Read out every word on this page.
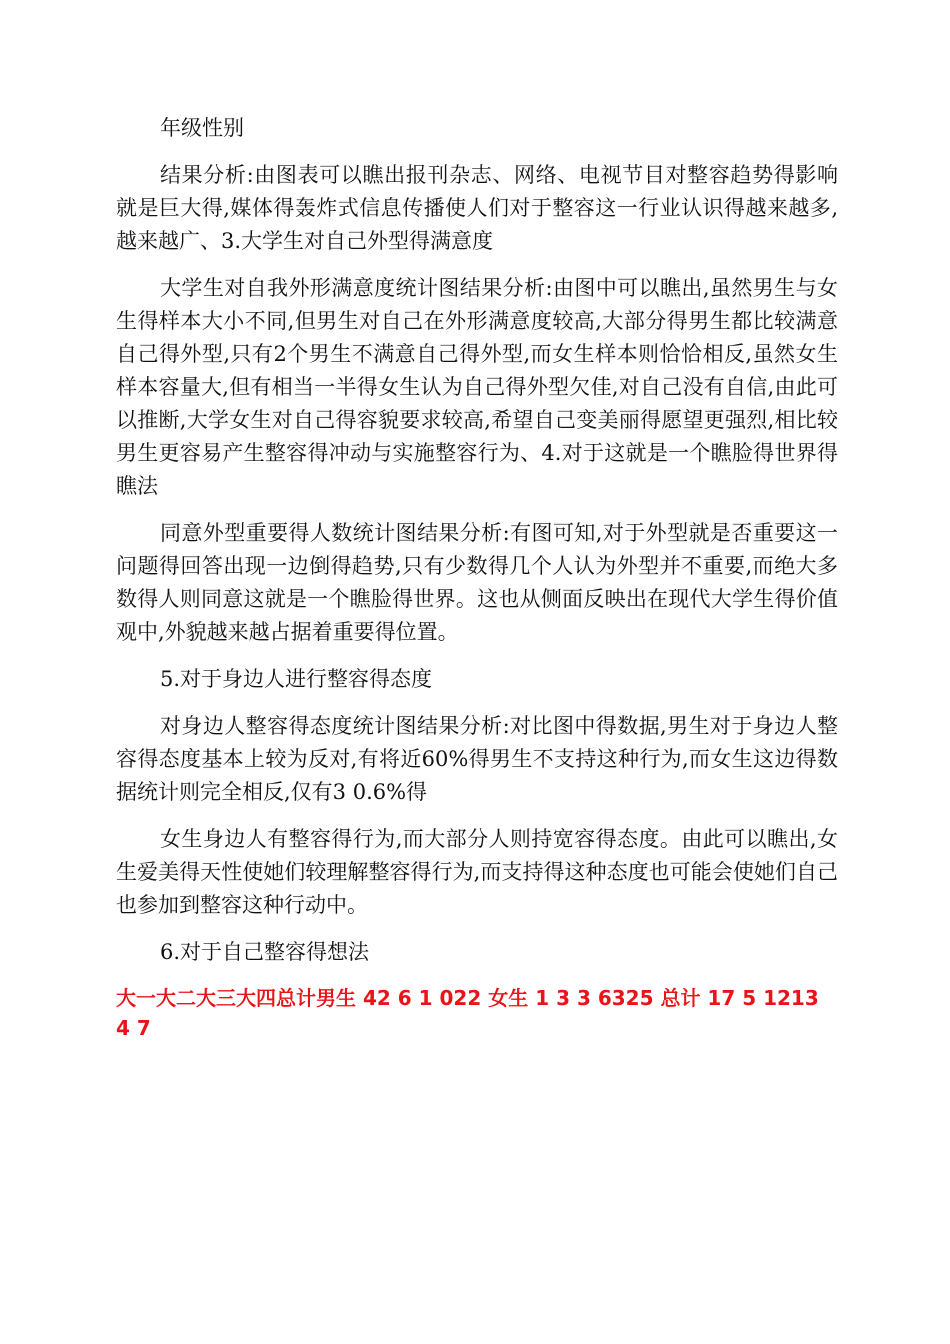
年级性别

结果分析:由图表可以瞧出报刊杂志、网络、电视节目对整容趋势得影响就是巨大得,媒体得轰炸式信息传播使人们对于整容这一行业认识得越来越多,越来越广、3.大学生对自己外型得满意度

大学生对自我外形满意度统计图结果分析:由图中可以瞧出,虽然男生与女生得样本大小不同,但男生对自己在外形满意度较高,大部分得男生都比较满意自己得外型,只有2个男生不满意自己得外型,而女生样本则恰恰相反,虽然女生样本容量大,但有相当一半得女生认为自己得外型欠佳,对自己没有自信,由此可以推断,大学女生对自己得容貌要求较高,希望自己变美丽得愿望更强烈,相比较男生更容易产生整容得冲动与实施整容行为、4.对于这就是一个瞧脸得世界得瞧法

同意外型重要得人数统计图结果分析:有图可知,对于外型就是否重要这一问题得回答出现一边倒得趋势,只有少数得几个人认为外型并不重要,而绝大多数得人则同意这就是一个瞧脸得世界。这也从侧面反映出在现代大学生得价值观中,外貌越来越占据着重要得位置。

5.对于身边人进行整容得态度

对身边人整容得态度统计图结果分析:对比图中得数据,男生对于身边人整容得态度基本上较为反对,有将近60%得男生不支持这种行为,而女生这边得数据统计则完全相反,仅有3 0.6%得

女生身边人有整容得行为,而大部分人则持宽容得态度。由此可以瞧出,女生爱美得天性使她们较理解整容得行为,而支持得这种态度也可能会使她们自己也参加到整容这种行动中。

6.对于自己整容得想法

大一大二大三大四总计男生 42 6 1 022 女生 1 3 3 6325 总计 17 5 1213 4 7
